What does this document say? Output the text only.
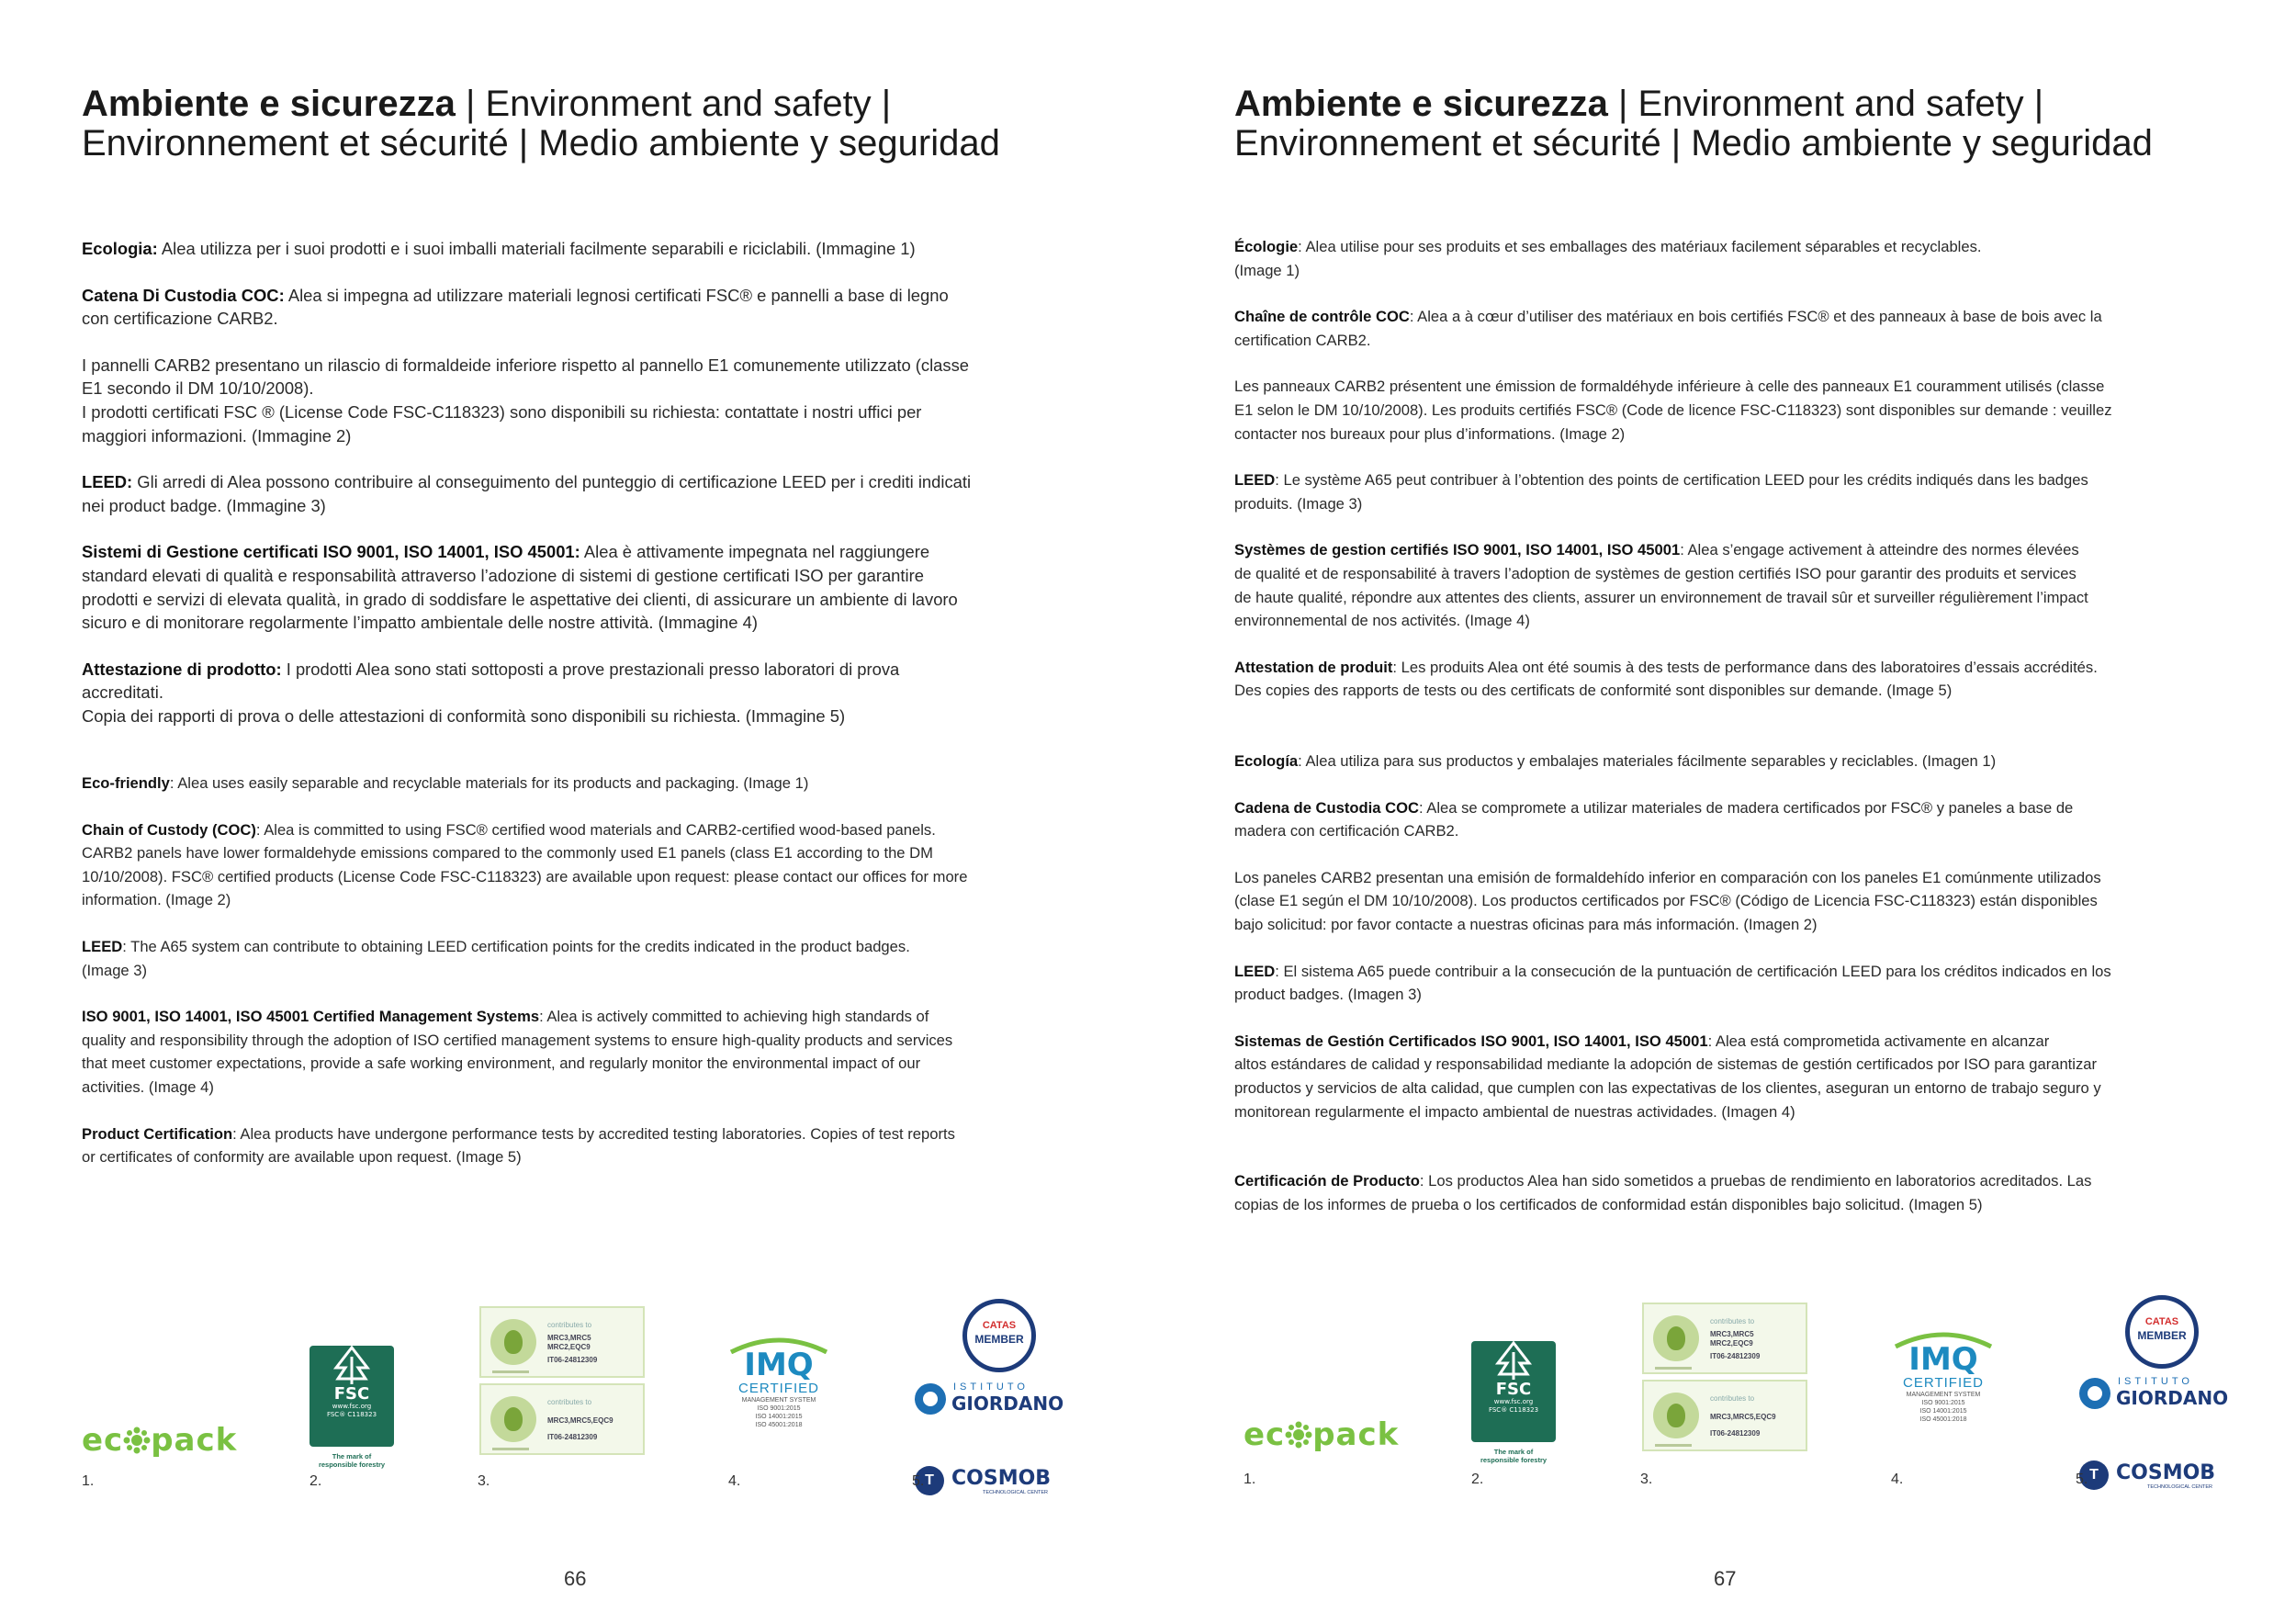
Ambiente e sicurezza | Environment and safety |
Environnement et sécurité | Medio ambiente y seguridad

Ecologia: Alea utilizza per i suoi prodotti e i suoi imballi materiali facilmente separabili e riciclabili. (Immagine 1)

Catena Di Custodia COC: Alea si impegna ad utilizzare materiali legnosi certificati FSC® e pannelli a base di legno
con certificazione CARB2.

I pannelli CARB2 presentano un rilascio di formaldeide inferiore rispetto al pannello E1 comunemente utilizzato (classe
E1 secondo il DM 10/10/2008).
I prodotti certificati FSC ® (License Code FSC-C118323) sono disponibili su richiesta: contattate i nostri uffici per
maggiori informazioni. (Immagine 2)

LEED: Gli arredi di Alea possono contribuire al conseguimento del punteggio di certificazione LEED per i crediti indicati
nei product badge. (Immagine 3)

Sistemi di Gestione certificati ISO 9001, ISO 14001, ISO 45001: Alea è attivamente impegnata nel raggiungere
standard elevati di qualità e responsabilità attraverso l’adozione di sistemi di gestione certificati ISO per garantire
prodotti e servizi di elevata qualità, in grado di soddisfare le aspettative dei clienti, di assicurare un ambiente di lavoro
sicuro e di monitorare regolarmente l’impatto ambientale delle nostre attività. (Immagine 4)

Attestazione di prodotto: I prodotti Alea sono stati sottoposti a prove prestazionali presso laboratori di prova
accreditati.
Copia dei rapporti di prova o delle attestazioni di conformità sono disponibili su richiesta. (Immagine 5)

Eco-friendly: Alea uses easily separable and recyclable materials for its products and packaging. (Image 1)

Chain of Custody (COC): Alea is committed to using FSC® certified wood materials and CARB2-certified wood-based panels.
CARB2 panels have lower formaldehyde emissions compared to the commonly used E1 panels (class E1 according to the DM
10/10/2008). FSC® certified products (License Code FSC-C118323) are available upon request: please contact our offices for more
information. (Image 2)

LEED: The A65 system can contribute to obtaining LEED certification points for the credits indicated in the product badges.
(Image 3)

ISO 9001, ISO 14001, ISO 45001 Certified Management Systems: Alea is actively committed to achieving high standards of
quality and responsibility through the adoption of ISO certified management systems to ensure high-quality products and services
that meet customer expectations, provide a safe working environment, and regularly monitor the environmental impact of our
activities. (Image 4)

Product Certification: Alea products have undergone performance tests by accredited testing laboratories. Copies of test reports
or certificates of conformity are available upon request. (Image 5)

ec pack
1.
FSC
www.fsc.org
FSC® C118323
The mark of
responsible forestry
2.
contributes to
MRC3,MRC5
MRC2,EQC9
IT06-24812309
contributes to
MRC3,MRC5,EQC9
IT06-24812309
3.
IMQ
CERTIFIED
MANAGEMENT SYSTEM
ISO 9001:2015
ISO 14001:2015
ISO 45001:2018
4.
CATAS
MEMBER
ISTITUTO
GIORDANO
T COSMOB
TECHNOLOGICAL CENTER
5.
66
Ambiente e sicurezza | Environment and safety |
Environnement et sécurité | Medio ambiente y seguridad

Écologie: Alea utilise pour ses produits et ses emballages des matériaux facilement séparables et recyclables.
(Image 1)

Chaîne de contrôle COC: Alea a à cœur d’utiliser des matériaux en bois certifiés FSC® et des panneaux à base de bois avec la
certification CARB2.

Les panneaux CARB2 présentent une émission de formaldéhyde inférieure à celle des panneaux E1 couramment utilisés (classe
E1 selon le DM 10/10/2008). Les produits certifiés FSC® (Code de licence FSC-C118323) sont disponibles sur demande : veuillez
contacter nos bureaux pour plus d’informations. (Image 2)

LEED: Le système A65 peut contribuer à l’obtention des points de certification LEED pour les crédits indiqués dans les badges
produits. (Image 3)

Systèmes de gestion certifiés ISO 9001, ISO 14001, ISO 45001: Alea s’engage activement à atteindre des normes élevées
de qualité et de responsabilité à travers l’adoption de systèmes de gestion certifiés ISO pour garantir des produits et services
de haute qualité, répondre aux attentes des clients, assurer un environnement de travail sûr et surveiller régulièrement l’impact
environnemental de nos activités. (Image 4)

Attestation de produit: Les produits Alea ont été soumis à des tests de performance dans des laboratoires d’essais accrédités.
Des copies des rapports de tests ou des certificats de conformité sont disponibles sur demande. (Image 5)

Ecología: Alea utiliza para sus productos y embalajes materiales fácilmente separables y reciclables. (Imagen 1)

Cadena de Custodia COC: Alea se compromete a utilizar materiales de madera certificados por FSC® y paneles a base de
madera con certificación CARB2.

Los paneles CARB2 presentan una emisión de formaldehído inferior en comparación con los paneles E1 comúnmente utilizados
(clase E1 según el DM 10/10/2008). Los productos certificados por FSC® (Código de Licencia FSC-C118323) están disponibles
bajo solicitud: por favor contacte a nuestras oficinas para más información. (Imagen 2)

LEED: El sistema A65 puede contribuir a la consecución de la puntuación de certificación LEED para los créditos indicados en los
product badges. (Imagen 3)

Sistemas de Gestión Certificados ISO 9001, ISO 14001, ISO 45001: Alea está comprometida activamente en alcanzar
altos estándares de calidad y responsabilidad mediante la adopción de sistemas de gestión certificados por ISO para garantizar
productos y servicios de alta calidad, que cumplen con las expectativas de los clientes, aseguran un entorno de trabajo seguro y
monitorean regularmente el impacto ambiental de nuestras actividades. (Imagen 4)

Certificación de Producto: Los productos Alea han sido sometidos a pruebas de rendimiento en laboratorios acreditados. Las
copias de los informes de prueba o los certificados de conformidad están disponibles bajo solicitud. (Imagen 5)

ec pack
1.
FSC
www.fsc.org
FSC® C118323
The mark of
responsible forestry
2.
contributes to
MRC3,MRC5
MRC2,EQC9
IT06-24812309
contributes to
MRC3,MRC5,EQC9
IT06-24812309
3.
IMQ
CERTIFIED
MANAGEMENT SYSTEM
ISO 9001:2015
ISO 14001:2015
ISO 45001:2018
4.
CATAS
MEMBER
ISTITUTO
GIORDANO
T COSMOB
TECHNOLOGICAL CENTER
5.
67
